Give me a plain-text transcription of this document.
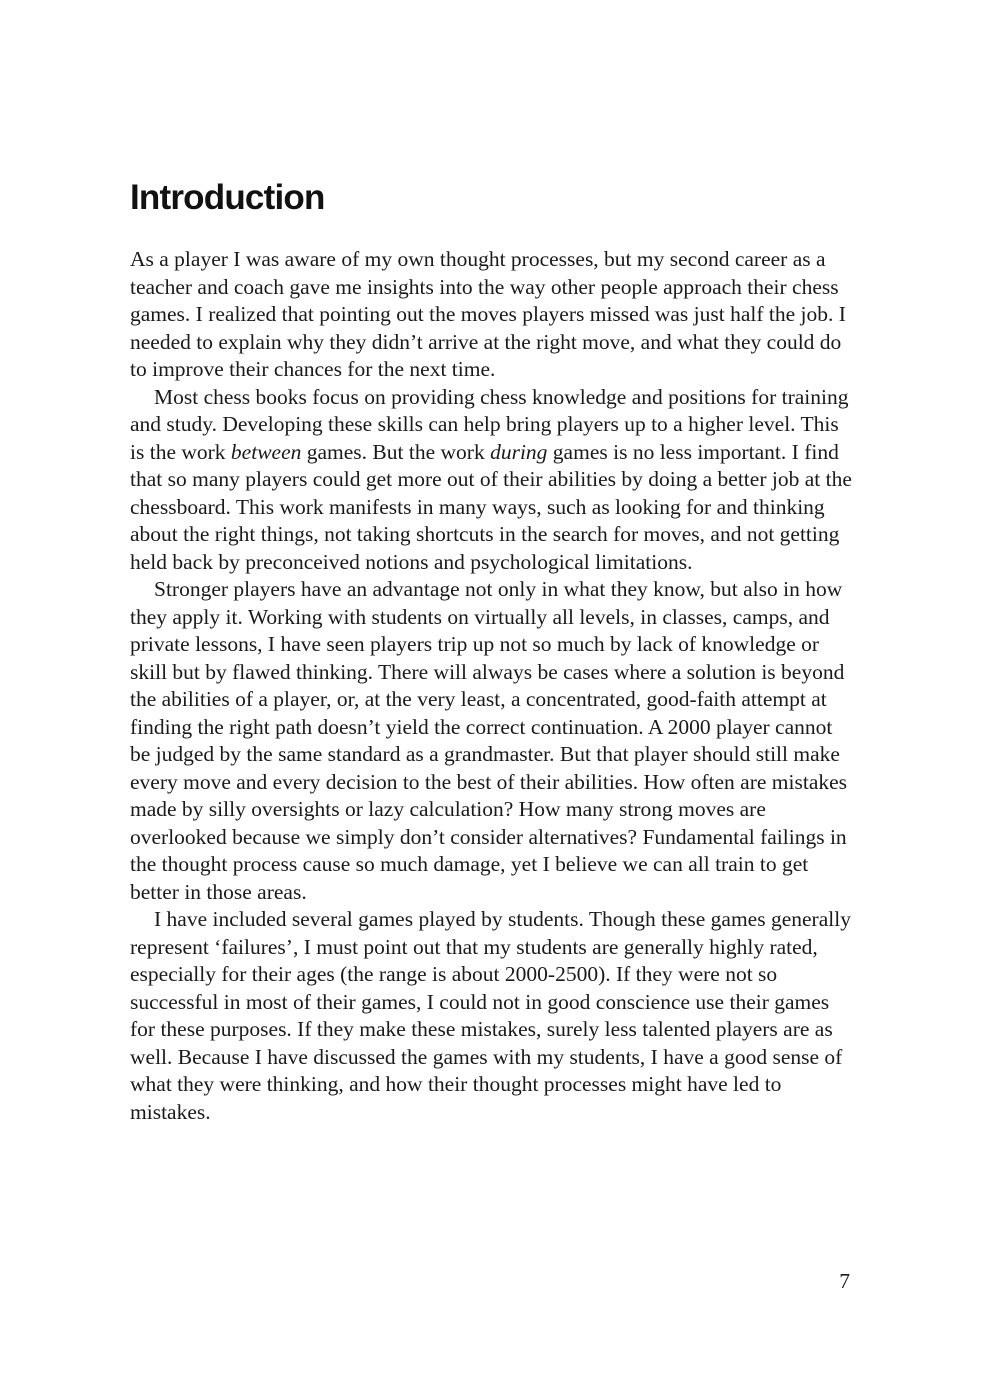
Introduction

As a player I was aware of my own thought processes, but my second career as a teacher and coach gave me insights into the way other people approach their chess games. I realized that pointing out the moves players missed was just half the job. I needed to explain why they didn’t arrive at the right move, and what they could do to improve their chances for the next time.

Most chess books focus on providing chess knowledge and positions for training and study. Developing these skills can help bring players up to a higher level. This is the work between games. But the work during games is no less important. I find that so many players could get more out of their abilities by doing a better job at the chessboard. This work manifests in many ways, such as looking for and thinking about the right things, not taking shortcuts in the search for moves, and not getting held back by preconceived notions and psychological limitations.

Stronger players have an advantage not only in what they know, but also in how they apply it. Working with students on virtually all levels, in classes, camps, and private lessons, I have seen players trip up not so much by lack of knowledge or skill but by flawed thinking. There will always be cases where a solution is beyond the abilities of a player, or, at the very least, a concentrated, good-faith attempt at finding the right path doesn’t yield the correct continuation. A 2000 player cannot be judged by the same standard as a grandmaster. But that player should still make every move and every decision to the best of their abilities. How often are mistakes made by silly oversights or lazy calculation? How many strong moves are overlooked because we simply don’t consider alternatives? Fundamental failings in the thought process cause so much damage, yet I believe we can all train to get better in those areas.

I have included several games played by students. Though these games generally represent ‘failures’, I must point out that my students are generally highly rated, especially for their ages (the range is about 2000-2500). If they were not so successful in most of their games, I could not in good conscience use their games for these purposes. If they make these mistakes, surely less talented players are as well. Because I have discussed the games with my students, I have a good sense of what they were thinking, and how their thought processes might have led to mistakes.

7
